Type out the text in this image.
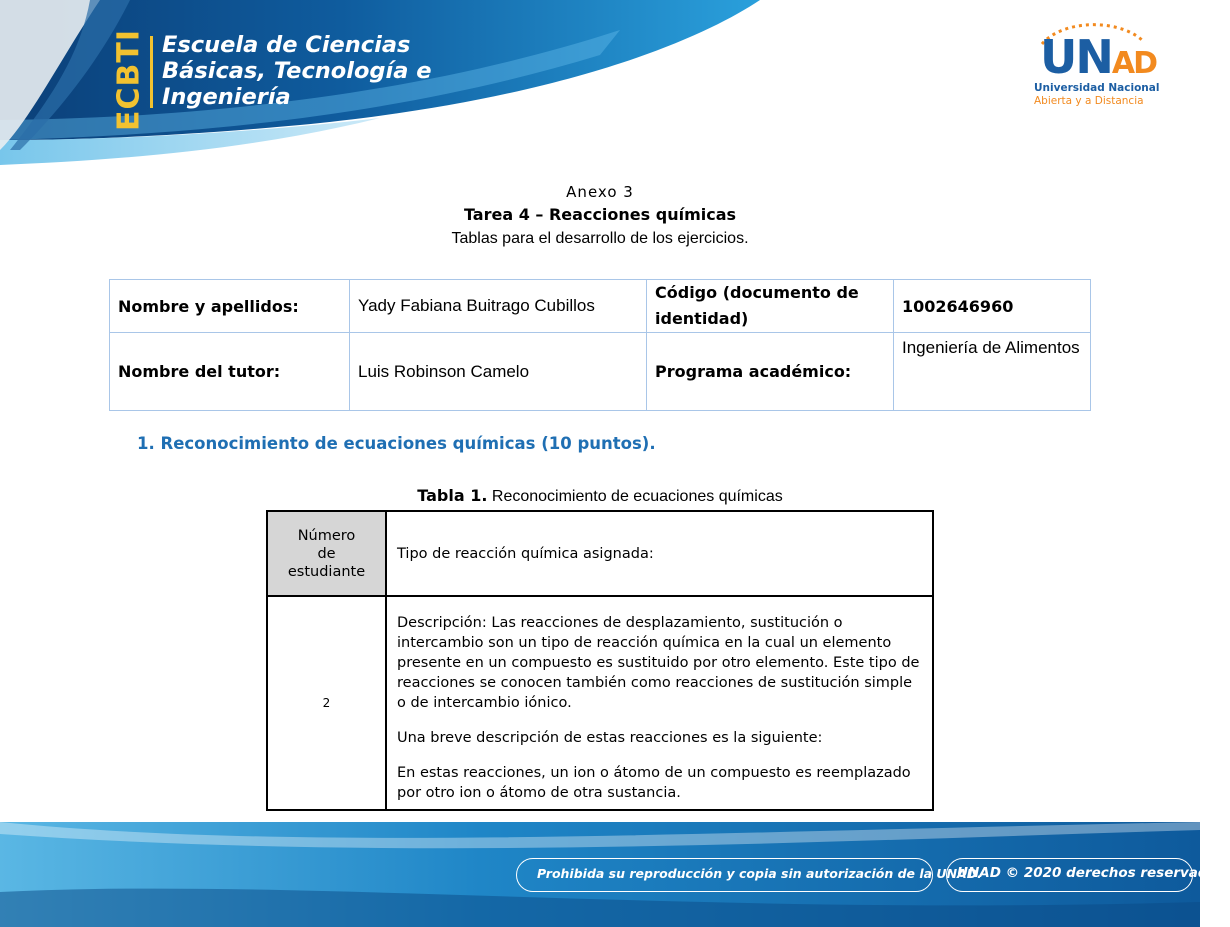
ECBTI Escuela de Ciencias
Básicas, Tecnología e
Ingeniería
UNAD
Universidad Nacional
Abierta y a Distancia
Anexo 3
Tarea 4 – Reacciones químicas
Tablas para el desarrollo de los ejercicios.
Nombre y apellidos:	Yady Fabiana Buitrago Cubillos	Código (documento de identidad)	1002646960
Nombre del tutor:	Luis Robinson Camelo	Programa académico:	Ingeniería de Alimentos
1. Reconocimiento de ecuaciones químicas (10 puntos).
Tabla 1. Reconocimiento de ecuaciones químicas
Número
de
estudiante	Tipo de reacción química asignada:
2	Descripción: Las reacciones de desplazamiento, sustitución o intercambio son un tipo de reacción química en la cual un elemento presente en un compuesto es sustituido por otro elemento. Este tipo de reacciones se conocen también como reacciones de sustitución simple o de intercambio iónico.

Una breve descripción de estas reacciones es la siguiente:

En estas reacciones, un ion o átomo de un compuesto es reemplazado por otro ion o átomo de otra sustancia.

Prohibida su reproducción y copia sin autorización de la UNAD.
UNAD © 2020 derechos reservados.
